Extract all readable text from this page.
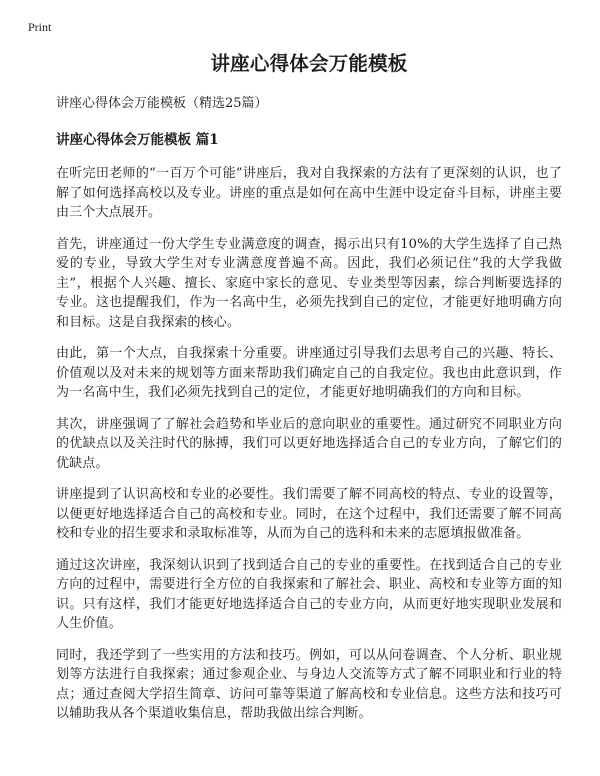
Print
讲座心得体会万能模板
讲座心得体会万能模板（精选25篇）
讲座心得体会万能模板 篇1

在听完田老师的“一百万个可能”讲座后，我对自我探索的方法有了更深刻的认识，也了解了如何选择高校以及专业。讲座的重点是如何在高中生涯中设定奋斗目标，讲座主要由三个大点展开。

首先，讲座通过一份大学生专业满意度的调查，揭示出只有10%的大学生选择了自己热爱的专业，导致大学生对专业满意度普遍不高。因此，我们必须记住“我的大学我做主”，根据个人兴趣、擅长、家庭中家长的意见、专业类型等因素，综合判断要选择的专业。这也提醒我们，作为一名高中生，必须先找到自己的定位，才能更好地明确方向和目标。这是自我探索的核心。

由此，第一个大点，自我探索十分重要。讲座通过引导我们去思考自己的兴趣、特长、价值观以及对未来的规划等方面来帮助我们确定自己的自我定位。我也由此意识到，作为一名高中生，我们必须先找到自己的定位，才能更好地明确我们的方向和目标。

其次，讲座强调了了解社会趋势和毕业后的意向职业的重要性。通过研究不同职业方向的优缺点以及关注时代的脉搏，我们可以更好地选择适合自己的专业方向，了解它们的优缺点。

讲座提到了认识高校和专业的必要性。我们需要了解不同高校的特点、专业的设置等，以便更好地选择适合自己的高校和专业。同时，在这个过程中，我们还需要了解不同高校和专业的招生要求和录取标准等，从而为自己的选科和未来的志愿填报做准备。

通过这次讲座，我深刻认识到了找到适合自己的专业的重要性。在找到适合自己的专业方向的过程中，需要进行全方位的自我探索和了解社会、职业、高校和专业等方面的知识。只有这样，我们才能更好地选择适合自己的专业方向，从而更好地实现职业发展和人生价值。

同时，我还学到了一些实用的方法和技巧。例如，可以从问卷调查、个人分析、职业规划等方法进行自我探索；通过参观企业、与身边人交流等方式了解不同职业和行业的特点；通过查阅大学招生简章、访问可靠等渠道了解高校和专业信息。这些方法和技巧可以辅助我从各个渠道收集信息，帮助我做出综合判断。
